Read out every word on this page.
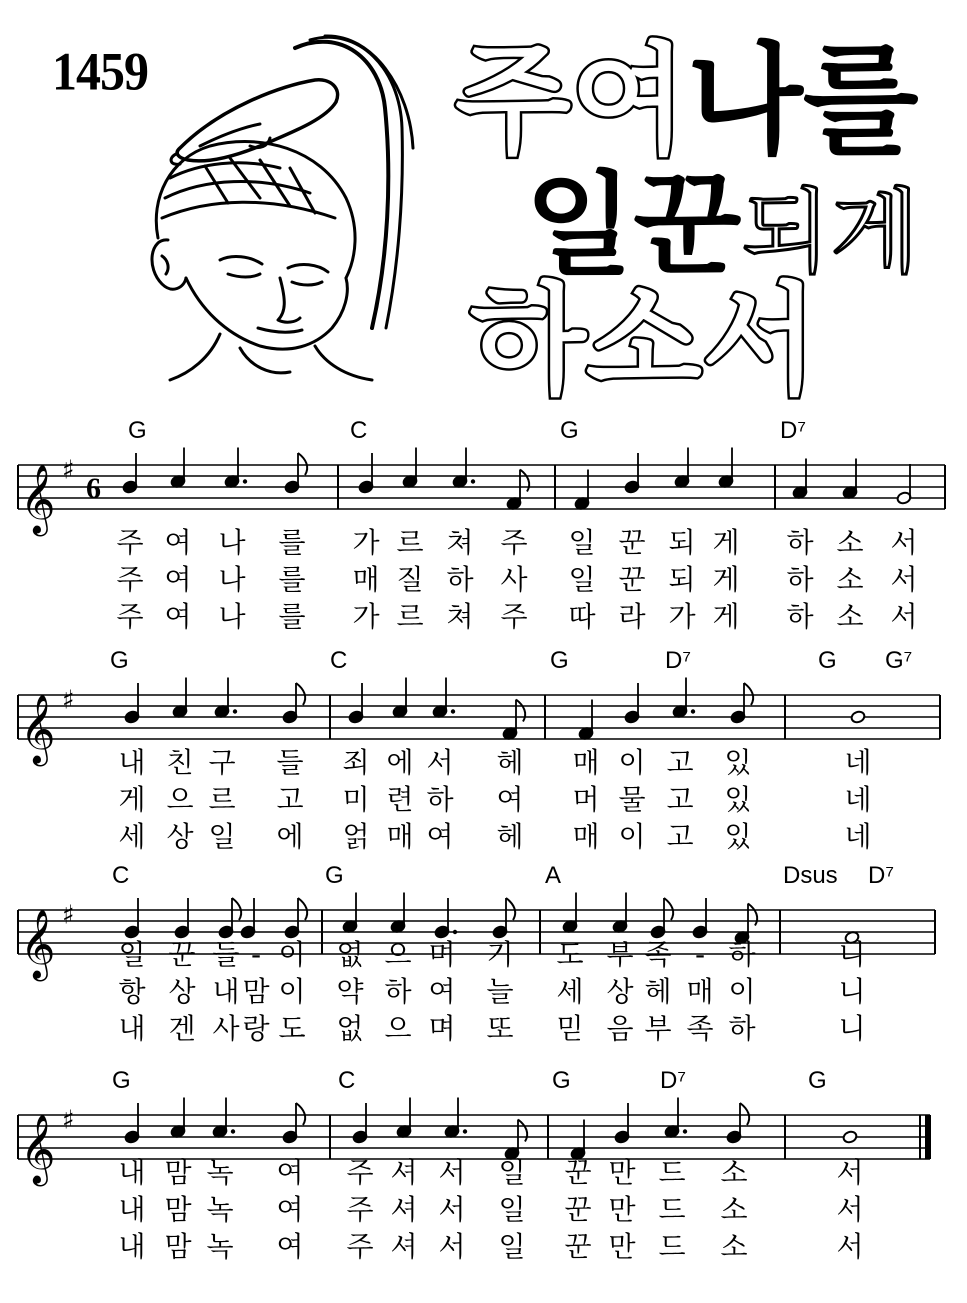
1459	주여나를
일꾼되게
하소서
𝄞 ♯
6
G	C	G	D⁷
주 여 나 를 가 르 쳐 주 일 꾼 되 게 하 소 서
주 여 나 를 매 질 하 사 일 꾼 되 게 하 소 서
주 여 나 를 가 르 쳐 주 따 라 가 게 하 소 서
𝄞 ♯
G	C	G	D⁷	G G⁷
내 친 구 들 죄 에 서 헤 매 이 고 있	네
게 으 르 고 미 련 하 여 머 물 고 있	네
세 상 일 에 얽 매 여 헤 매 이 고 있	네
𝄞 ♯
C	G	A	Dsus D⁷
일 꾼 들 - 이 없 으 며 기 도 부 족 - 하	니
항 상 내 맘 이 약 하 여 늘 세 상 헤 매 이	니
내 겐 사 랑 도 없 으 며 또 믿 음 부 족 하	니
𝄞 ♯
G	C	G	D⁷	G
내 맘 녹 여 주 셔 서 일 꾼 만 드 소	서
내 맘 녹 여 주 셔 서 일 꾼 만 드 소	서
내 맘 녹 여 주 셔 서 일 꾼 만 드 소	서
